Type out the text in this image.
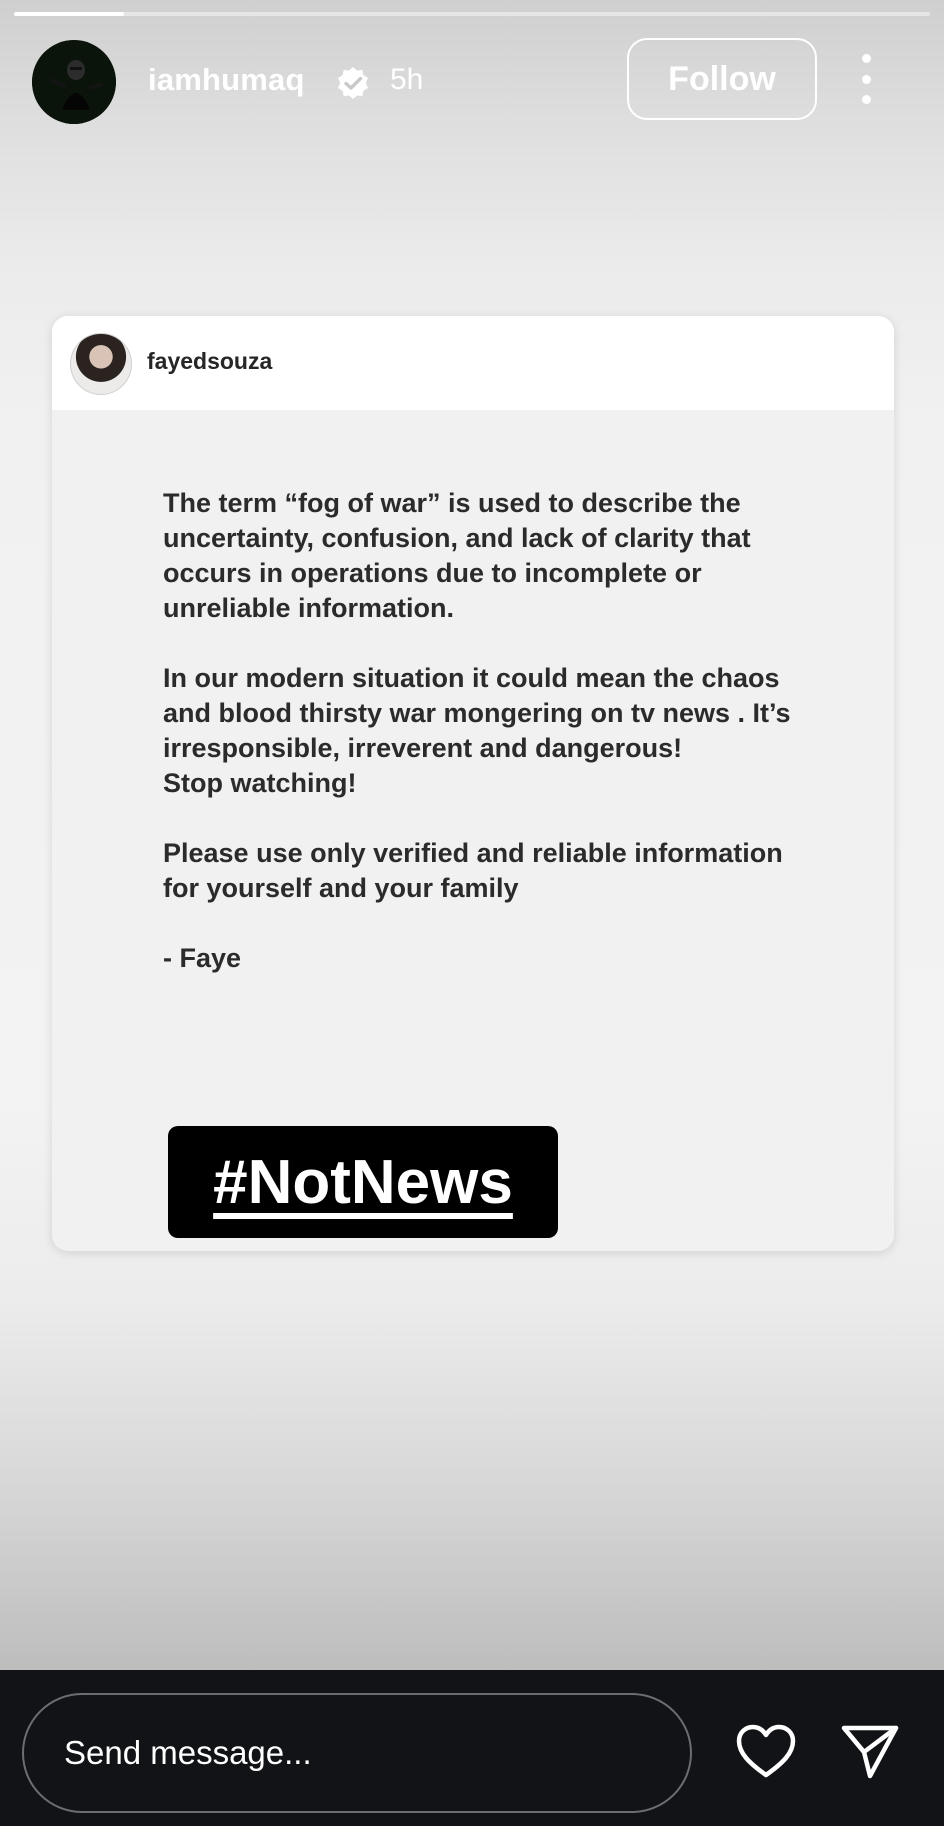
iamhumaq	5h	Follow
fayedsouza

The term “fog of war” is used to describe the uncertainty, confusion, and lack of clarity that occurs in operations due to incomplete or unreliable information.

In our modern situation it could mean the chaos and blood thirsty war mongering on tv news . It’s irresponsible, irreverent and dangerous!

Stop watching!

Please use only verified and reliable information for yourself and your family

- Faye

#NotNews
Send message...
